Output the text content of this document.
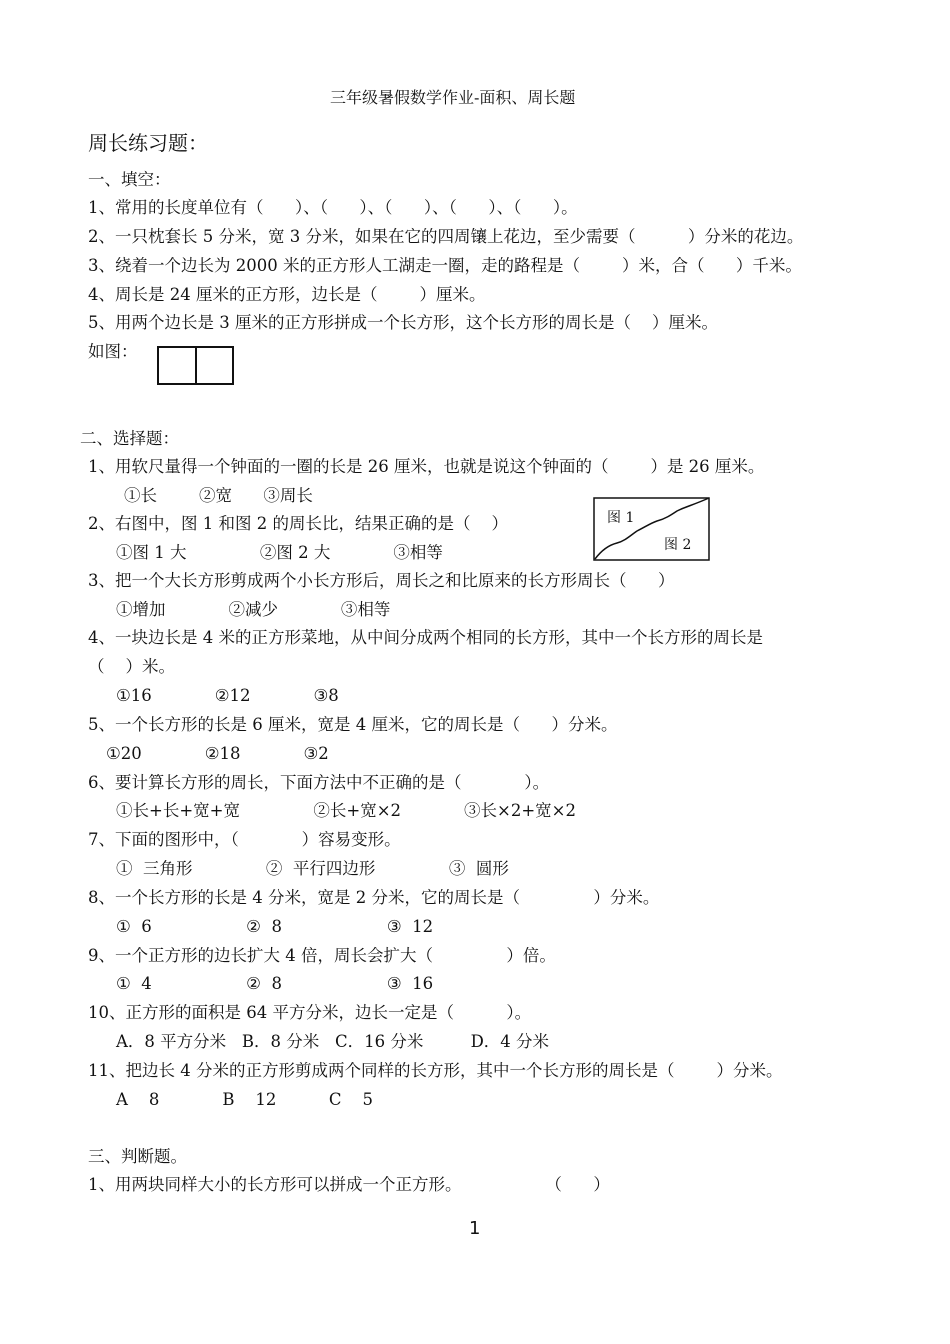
三年级暑假数学作业-面积、周长题
周长练习题：
一、填空：
1、常用的长度单位有（      ）、（      ）、（      ）、（      ）、（      ）。
2、一只枕套长 5 分米，宽 3 分米，如果在它的四周镶上花边，至少需要（          ）分米的花边。
3、绕着一个边长为 2000 米的正方形人工湖走一圈，走的路程是（        ）米，合（      ）千米。
4、周长是 24 厘米的正方形，边长是（        ）厘米。
5、用两个边长是 3 厘米的正方形拼成一个长方形，这个长方形的周长是（    ）厘米。
如图：
二、选择题：
1、用软尺量得一个钟面的一圈的长是 26 厘米，也就是说这个钟面的（        ）是 26 厘米。
①长        ②宽      ③周长
2、右图中，图 1 和图 2 的周长比，结果正确的是（    ）
①图 1 大              ②图 2 大            ③相等
图 1
图 2
3、把一个大长方形剪成两个小长方形后，周长之和比原来的长方形周长（      ）
①增加            ②减少            ③相等
4、一块边长是 4 米的正方形菜地，从中间分成两个相同的长方形，其中一个长方形的周长是
（    ）米。
①16            ②12            ③8
5、一个长方形的长是 6 厘米，宽是 4 厘米，它的周长是（      ）分米。
①20            ②18            ③2
6、要计算长方形的周长，下面方法中不正确的是（            ）。
①长+长+宽+宽              ②长+宽×2            ③长×2+宽×2
7、下面的图形中，（            ）容易变形。
①  三角形              ②  平行四边形              ③  圆形
8、一个长方形的长是 4 分米，宽是 2 分米，它的周长是（              ）分米。
①  6                  ②  8                    ③  12
9、一个正方形的边长扩大 4 倍，周长会扩大（              ）倍。
①  4                  ②  8                    ③  16
10、正方形的面积是 64 平方分米，边长一定是（          ）。
A．8 平方分米   B．8 分米   C．16 分米         D．4 分米
11、把边长 4 分米的正方形剪成两个同样的长方形，其中一个长方形的周长是（        ）分米。
A    8            B    12          C    5
三、判断题。
1、用两块同样大小的长方形可以拼成一个正方形。                （      ）
1
